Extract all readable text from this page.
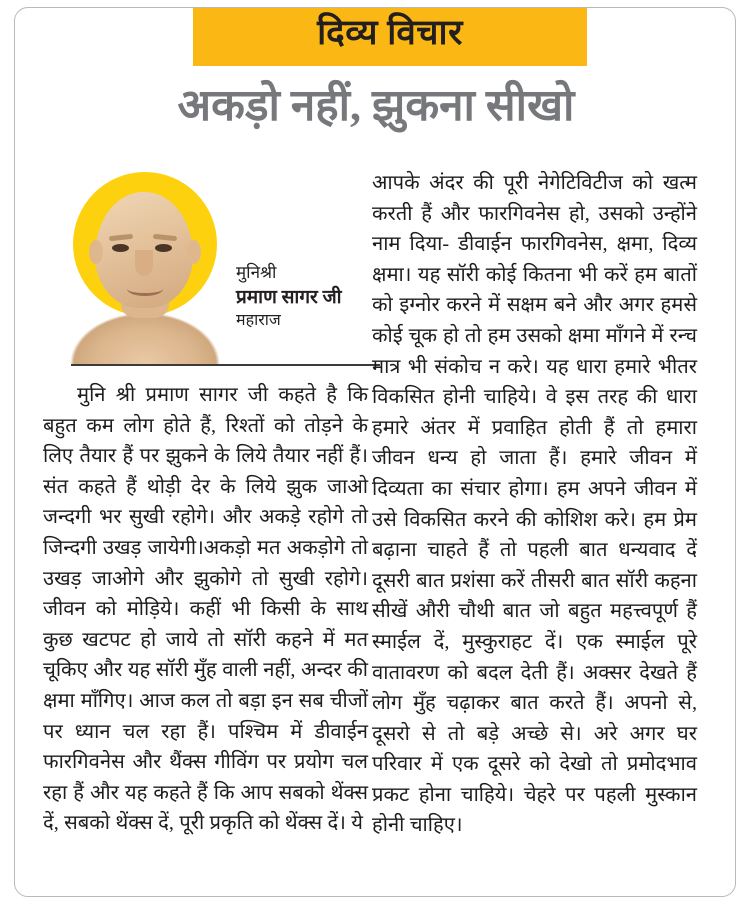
दिव्य विचार
अकड़ो नहीं, झुकना सीखो
मुनिश्री
प्रमाण सागर जी
महाराज
मुनि श्री प्रमाण सागर जी कहते है कि बहुत कम लोग होते हैं, रिश्तों को तोड़ने के लिए तैयार हैं पर झुकने के लिये तैयार नहीं हैं। संत कहते हैं थोड़ी देर के लिये झुक जाओ जन्दगी भर सुखी रहोगे। और अकड़े रहोगे तो जिन्दगी उखड़ जायेगी।अकड़ो मत अकड़ोगे तो उखड़ जाओगे और झुकोगे तो सुखी रहोगे। जीवन को मोड़िये। कहीं भी किसी के साथ कुछ खटपट हो जाये तो सॉरी कहने में मत चूकिए और यह सॉरी मुँह वाली नहीं, अन्दर की क्षमा माँगिए। आज कल तो बड़ा इन सब चीजों पर ध्यान चल रहा हैं। पश्चिम में डीवाईन फारगिवनेस और थैंक्स गीविंग पर प्रयोग चल रहा हैं और यह कहते हैं कि आप सबको थेंक्स दें, सबको थेंक्स दें, पूरी प्रकृति को थेंक्स दें। ये
आपके अंदर की पूरी नेगेटिविटीज को खत्म करती हैं और फारगिवनेस हो, उसको उन्होंने नाम दिया- डीवाईन फारगिवनेस, क्षमा, दिव्य क्षमा। यह सॉरी कोई कितना भी करें हम बातों को इग्नोर करने में सक्षम बने और अगर हमसे कोई चूक हो तो हम उसको क्षमा माँगने में रन्च मात्र भी संकोच न करे। यह धारा हमारे भीतर विकसित होनी चाहिये। वे इस तरह की धारा हमारे अंतर में प्रवाहित होती हैं तो हमारा जीवन धन्य हो जाता हैं। हमारे जीवन में दिव्यता का संचार होगा। हम अपने जीवन में उसे विकसित करने की कोशिश करे। हम प्रेम बढ़ाना चाहते हैं तो पहली बात धन्यवाद दें दूसरी बात प्रशंसा करें तीसरी बात सॉरी कहना सीखें औरी चौथी बात जो बहुत महत्त्वपूर्ण हैं स्माईल दें, मुस्कुराहट दें। एक स्माईल पूरे वातावरण को बदल देती हैं। अक्सर देखते हैं लोग मुँह चढ़ाकर बात करते हैं। अपनो से, दूसरो से तो बड़े अच्छे से। अरे अगर घर परिवार में एक दूसरे को देखो तो प्रमोदभाव प्रकट होना चाहिये। चेहरे पर पहली मुस्कान होनी चाहिए।
